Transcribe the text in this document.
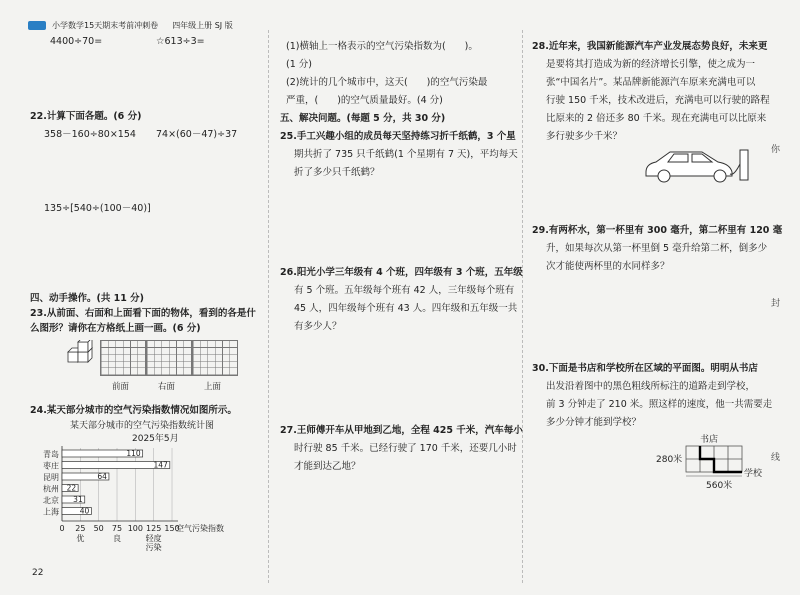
小学数学15天期末考前冲刺卷 四年级上册 SJ 版
4400÷70=	☆613÷3=
22.计算下面各题。(6 分)
358－160÷80×154 74×(60－47)÷37
135÷[540÷(100－40)]
四、动手操作。(共 11 分)
23.从前面、右面和上面看下面的物体，看到的各是什么图形？请你在方格纸上画一画。(6 分)
前面	右面	上面
24.某天部分城市的空气污染指数情况如图所示。
某天部分城市的空气污染指数统计图
2025年5月
0 25 50 75 100 125 150
青岛	110
枣庄	147
昆明	64
杭州 22
北京 31
上海	40
空气污染指数
优	良	轻度
污染
(1)横轴上一格表示的空气污染指数为(　　)。
(1 分)
(2)统计的几个城市中，这天(　　)的空气污染最
严重，(　　)的空气质量最好。(4 分)
五、解决问题。(每题 5 分，共 30 分)
25.手工兴趣小组的成员每天坚持练习折千纸鹤，3 个星
期共折了 735 只千纸鹤(1 个星期有 7 天)，平均每天
折了多少只千纸鹤？
26.阳光小学三年级有 4 个班，四年级有 3 个班，五年级
有 5 个班。五年级每个班有 42 人，三年级每个班有
45 人，四年级每个班有 43 人。四年级和五年级一共
有多少人？
27.王师傅开车从甲地到乙地，全程 425 千米，汽车每小
时行驶 85 千米。已经行驶了 170 千米，还要几小时
才能到达乙地？
28.近年来，我国新能源汽车产业发展态势良好，未来更
是要将其打造成为新的经济增长引擎，使之成为一
张“中国名片”。某品牌新能源汽车原来充满电可以
行驶 150 千米，技术改进后，充满电可以行驶的路程
比原来的 2 倍还多 80 千米。现在充满电可以比原来
多行驶多少千米？
29.有两杯水，第一杯里有 300 毫升，第二杯里有 120 毫
升，如果每次从第一杯里倒 5 毫升给第二杯，倒多少
次才能使两杯里的水同样多？
30.下面是书店和学校所在区域的平面图。明明从书店
出发沿着图中的黑色粗线所标注的道路走到学校，
前 3 分钟走了 210 米。照这样的速度，他一共需要走
多少分钟才能到学校？
书店
280米
学校
560米
22
你
封
线
